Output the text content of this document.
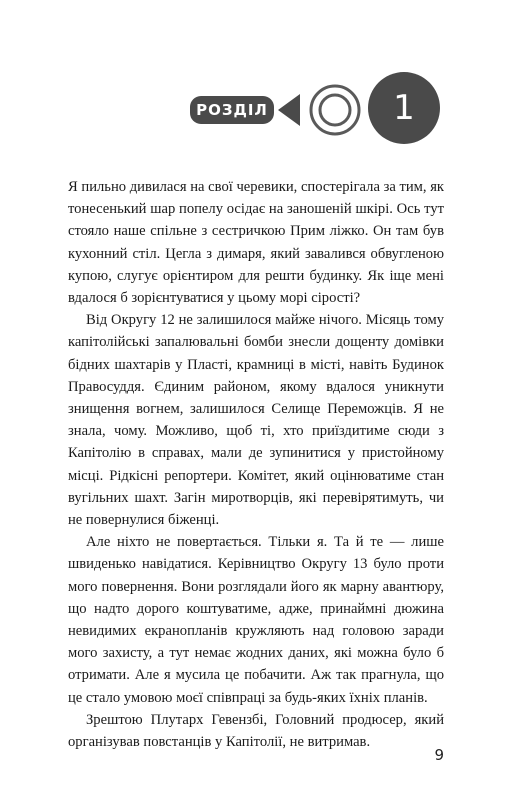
РОЗДІЛ	1

Я пильно дивилася на свої черевики, спостерігала за тим, як тонесенький шар попелу осідає на заношеній шкірі. Ось тут стояло наше спільне з сестричкою Прим ліжко. Он там був кухонний стіл. Цегла з димаря, який завалився обвугленою купою, слугує орієнтиром для решти будинку. Як іще мені вдалося б зорієнтуватися у цьому морі сірості?

Від Округу 12 не залишилося майже нічого. Місяць тому капітолійські запалювальні бомби знесли дощенту домівки бідних шахтарів у Пласті, крамниці в місті, навіть Будинок Правосуддя. Єдиним районом, якому вдалося уникнути знищення вогнем, залишилося Селище Переможців. Я не знала, чому. Можливо, щоб ті, хто приїздитиме сюди з Капітолію в справах, мали де зупинитися у пристойному місці. Рідкісні репортери. Комітет, який оцінюватиме стан вугільних шахт. Загін миротворців, які перевірятимуть, чи не повернулися біженці.

Але ніхто не повертається. Тільки я. Та й те — лише швиденько навідатися. Керівництво Округу 13 було проти мого повернення. Вони розглядали його як марну авантюру, що надто дорого коштуватиме, адже, принаймні дюжина невидимих екранопланів кружляють над головою заради мого захисту, а тут немає жодних даних, які можна було б отримати. Але я мусила це побачити. Аж так прагнула, що це стало умовою моєї співпраці за будь-яких їхніх планів.

Зрештою Плутарх Гевензбі, Головний продюсер, який організував повстанців у Капітолії, не витримав.

9
